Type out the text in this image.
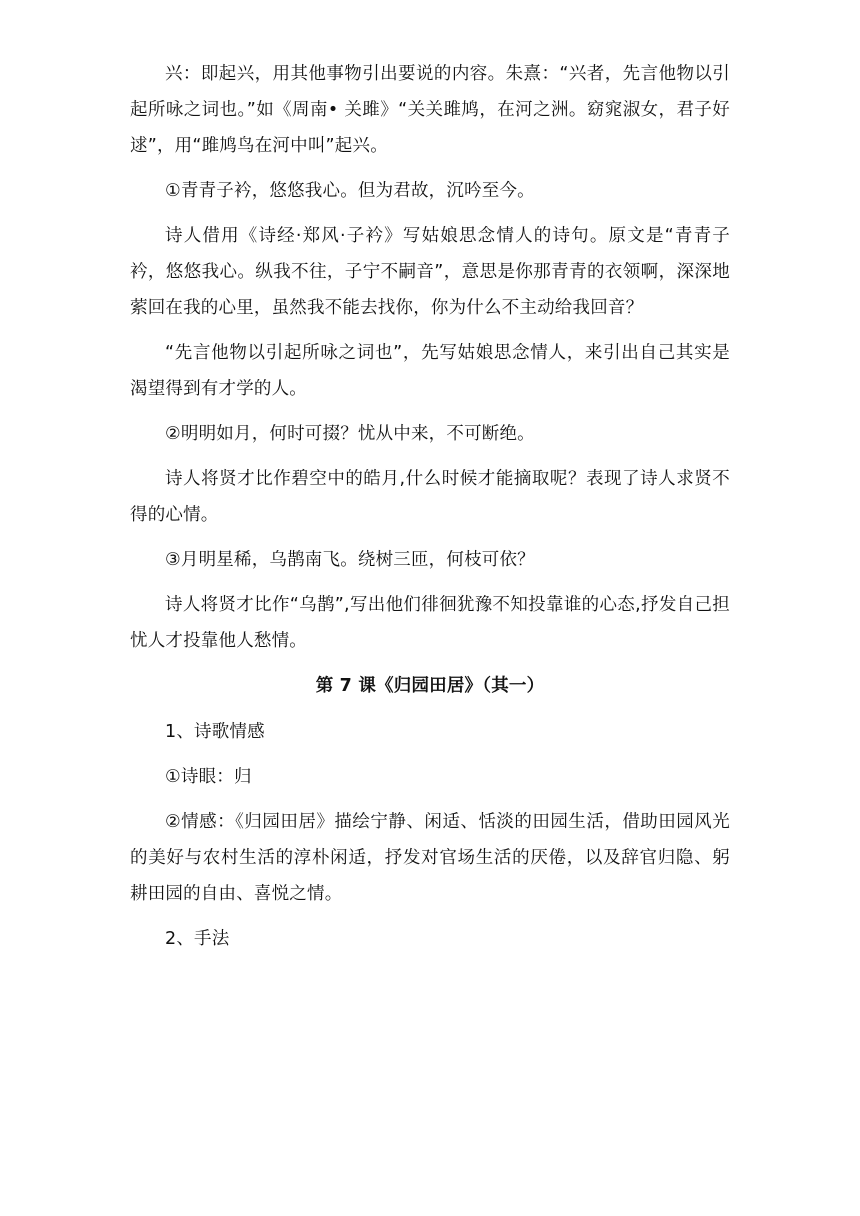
兴：即起兴，用其他事物引出要说的内容。朱熹：“兴者，先言他物以引起所咏之词也。”如《周南• 关雎》“关关雎鸠，在河之洲。窈窕淑女，君子好逑”，用“雎鸠鸟在河中叫”起兴。

①青青子衿，悠悠我心。但为君故，沉吟至今。

诗人借用《诗经·郑风·子衿》写姑娘思念情人的诗句。原文是“青青子衿，悠悠我心。纵我不往，子宁不嗣音”，意思是你那青青的衣领啊，深深地萦回在我的心里，虽然我不能去找你，你为什么不主动给我回音？

“先言他物以引起所咏之词也”，先写姑娘思念情人，来引出自己其实是渴望得到有才学的人。

②明明如月，何时可掇？忧从中来，不可断绝。

诗人将贤才比作碧空中的皓月,什么时候才能摘取呢？表现了诗人求贤不得的心情。

③月明星稀，乌鹊南飞。绕树三匝，何枝可依？

诗人将贤才比作“乌鹊”,写出他们徘徊犹豫不知投靠谁的心态,抒发自己担忧人才投靠他人愁情。

第 7 课《归园田居》（其一）

1、诗歌情感

①诗眼：归

②情感：《归园田居》描绘宁静、闲适、恬淡的田园生活，借助田园风光的美好与农村生活的淳朴闲适，抒发对官场生活的厌倦，以及辞官归隐、躬耕田园的自由、喜悦之情。

2、手法
